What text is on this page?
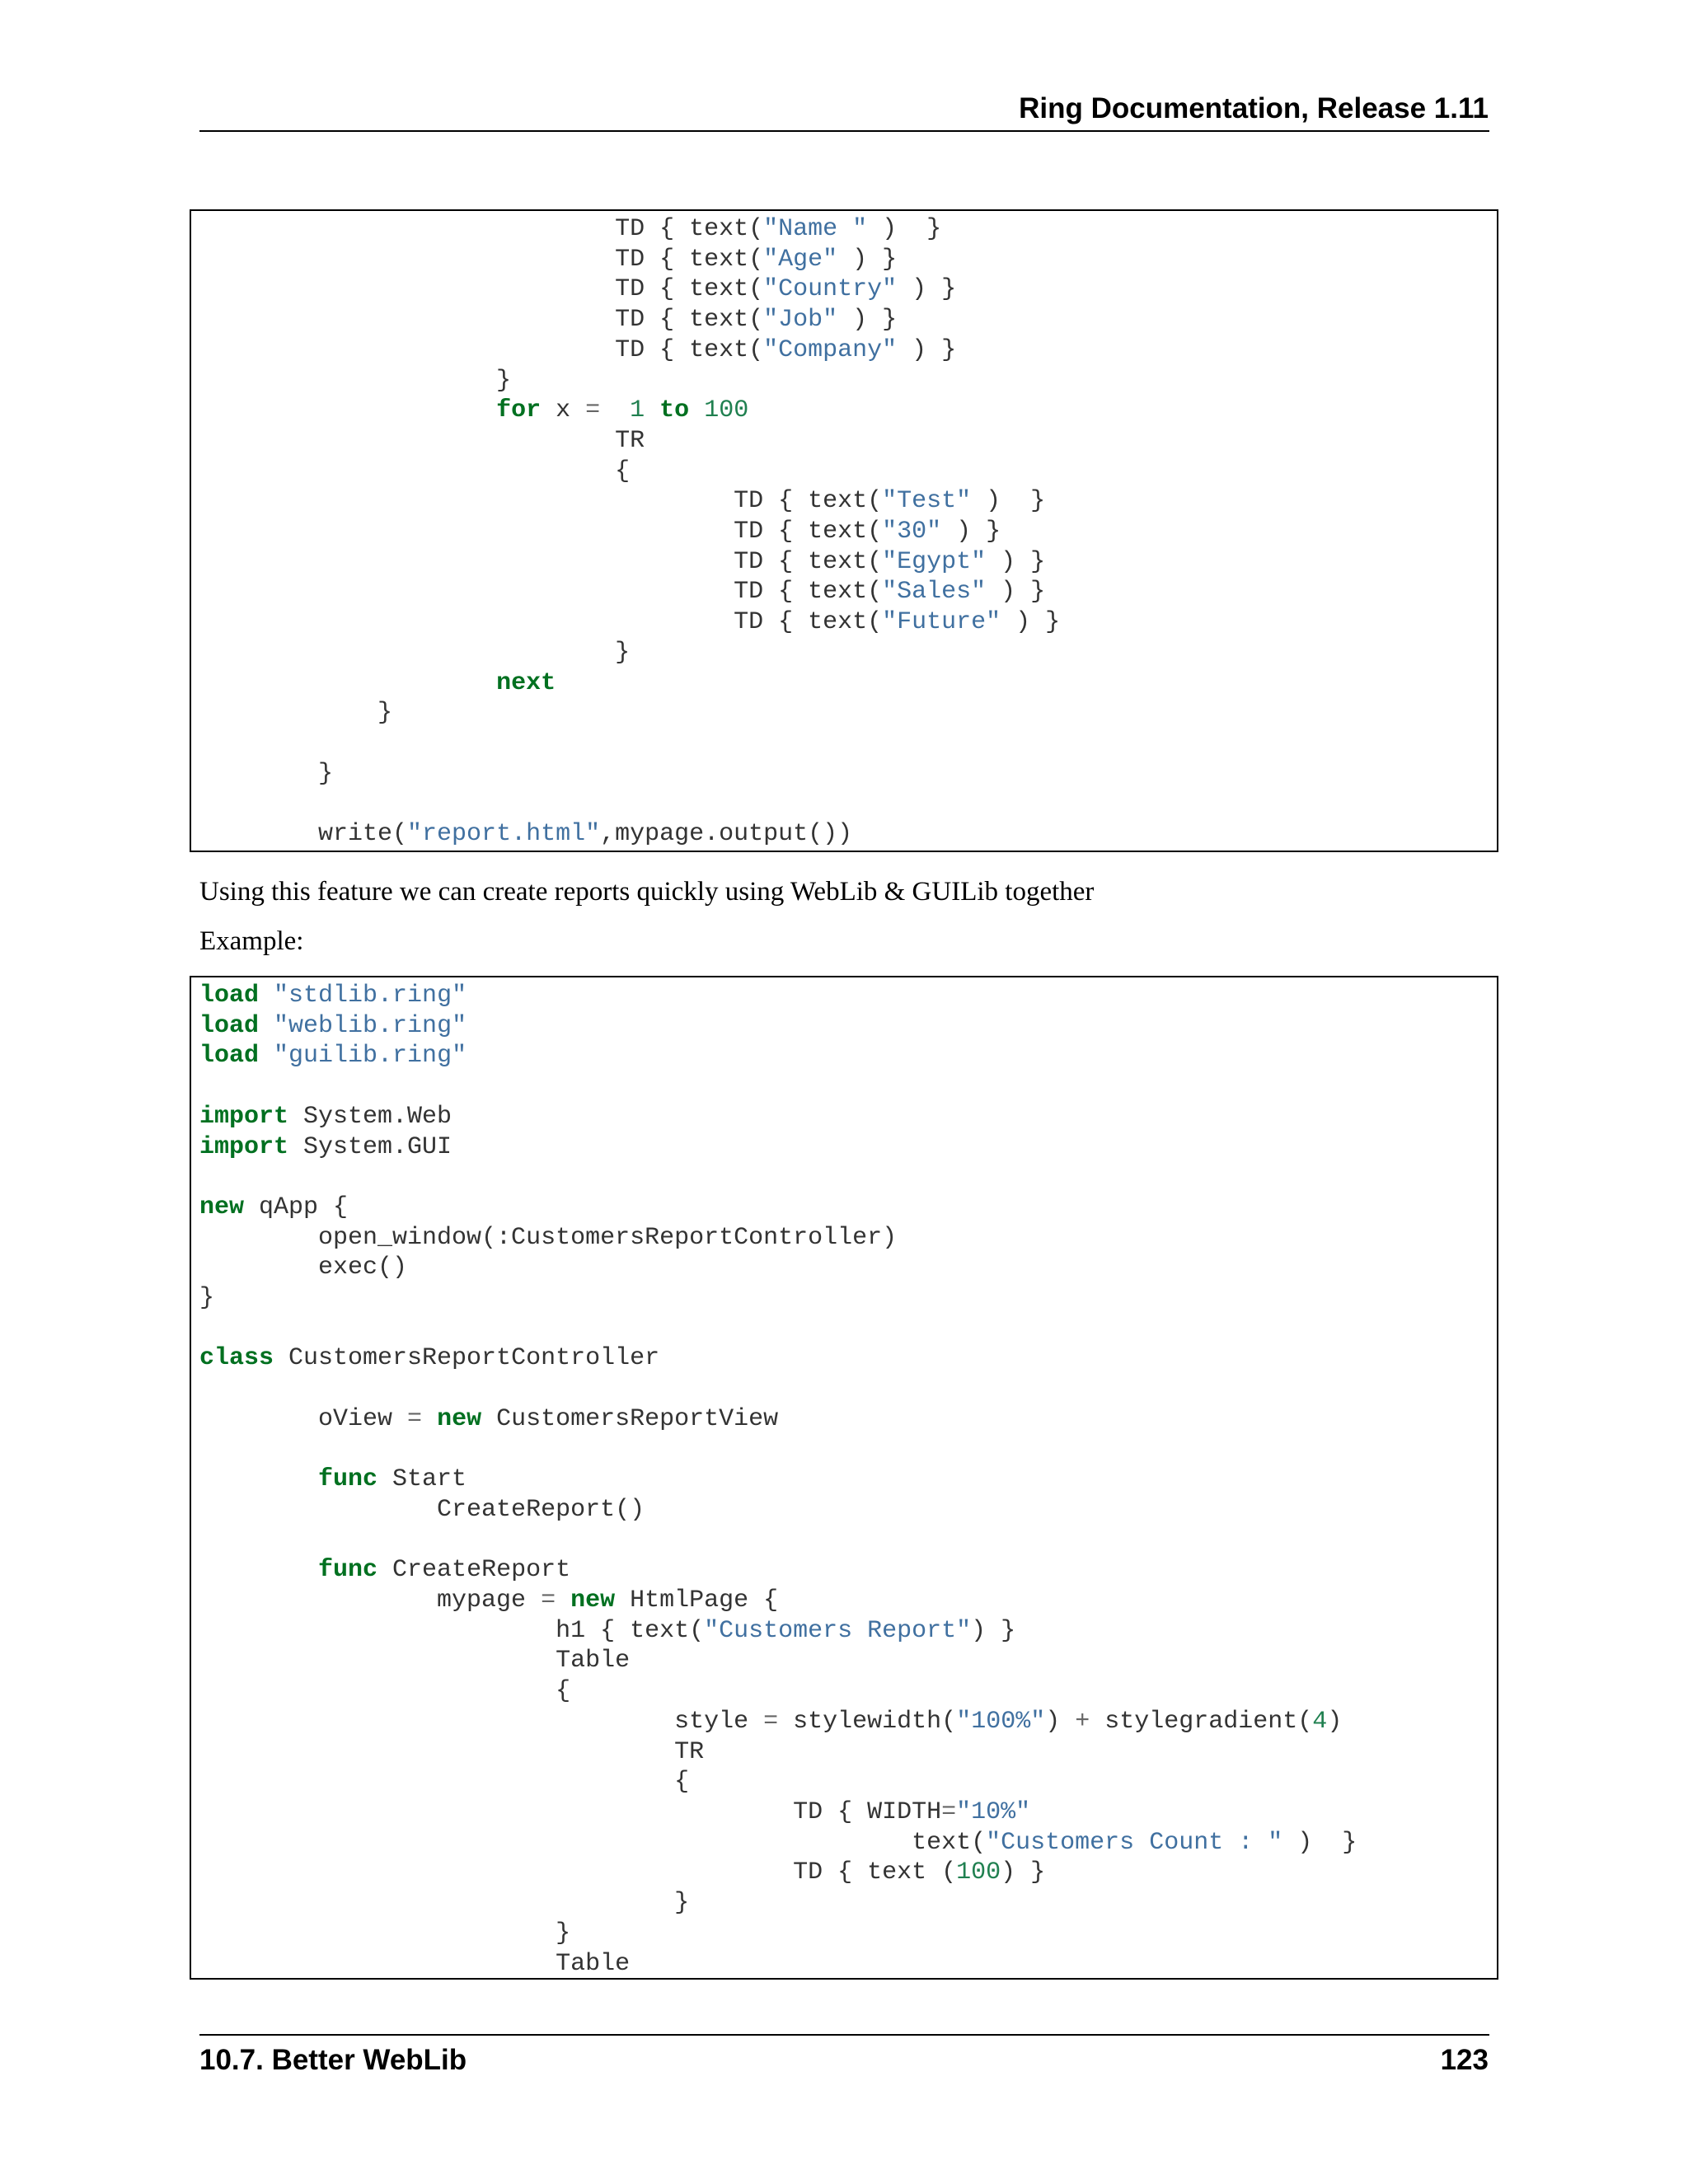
Ring Documentation, Release 1.11
TD { text("Name " )  }
TD { text("Age" ) }
TD { text("Country" ) }
TD { text("Job" ) }
TD { text("Company" ) }
}
for x = 1 to 100
TR
{
TD { text("Test" )  }
TD { text("30" ) }
TD { text("Egypt" ) }
TD { text("Sales" ) }
TD { text("Future" ) }
}
next
}

}

write("report.html",mypage.output())
Using this feature we can create reports quickly using WebLib & GUILib together
Example:
load "stdlib.ring"
load "weblib.ring"
load "guilib.ring"

import System.Web
import System.GUI

new qApp {
open_window(:CustomersReportController)
exec()
}

class CustomersReportController

oView = new CustomersReportView

func Start
CreateReport()

func CreateReport
mypage = new HtmlPage {
h1 { text("Customers Report") }
Table
{
style = stylewidth("100%") + stylegradient(4)
TR
{
TD { WIDTH="10%"
text("Customers Count : " )  }
TD { text (100) }
}
}
Table
10.7. Better WebLib	123
